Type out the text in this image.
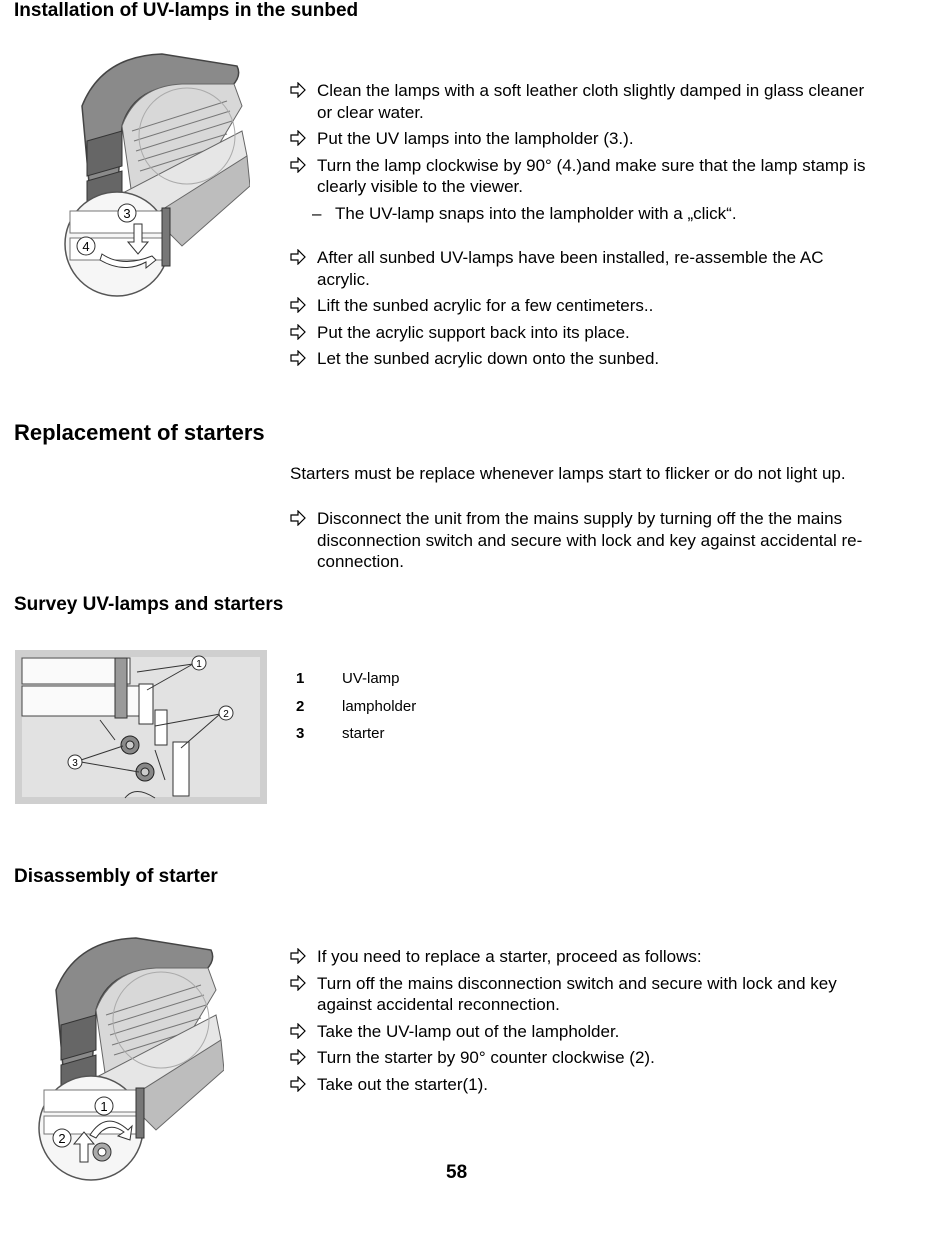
Installation of UV-lamps in the sunbed
3
4
Clean the lamps with a soft leather cloth slightly damped in glass cleaner or clear water.
Put the UV lamps into the lampholder (3.).
Turn the lamp clockwise by 90° (4.)and make sure that the lamp stamp is clearly visible to the viewer.
– The UV-lamp snaps into the lampholder with a „click“.
After all sunbed UV-lamps have been installed, re-assemble the AC acrylic.
Lift the sunbed acrylic for a few centimeters..
Put the acrylic support back into its place.
Let the sunbed acrylic down onto the sunbed.
Replacement of starters
Starters must be replace whenever lamps start to flicker or do not light up.
Disconnect the unit from the mains supply by turning off the the mains disconnection switch and secure with lock and key against accidental re-connection.
Survey UV-lamps and starters
1
2
3
1	UV-lamp
2	lampholder
3	starter
Disassembly of starter
1
2
If you need to replace a starter, proceed as follows:
Turn off the mains disconnection switch and secure with lock and key against accidental reconnection.
Take the UV-lamp out of the lampholder.
Turn the starter by 90° counter clockwise (2).
Take out the starter(1).
58
